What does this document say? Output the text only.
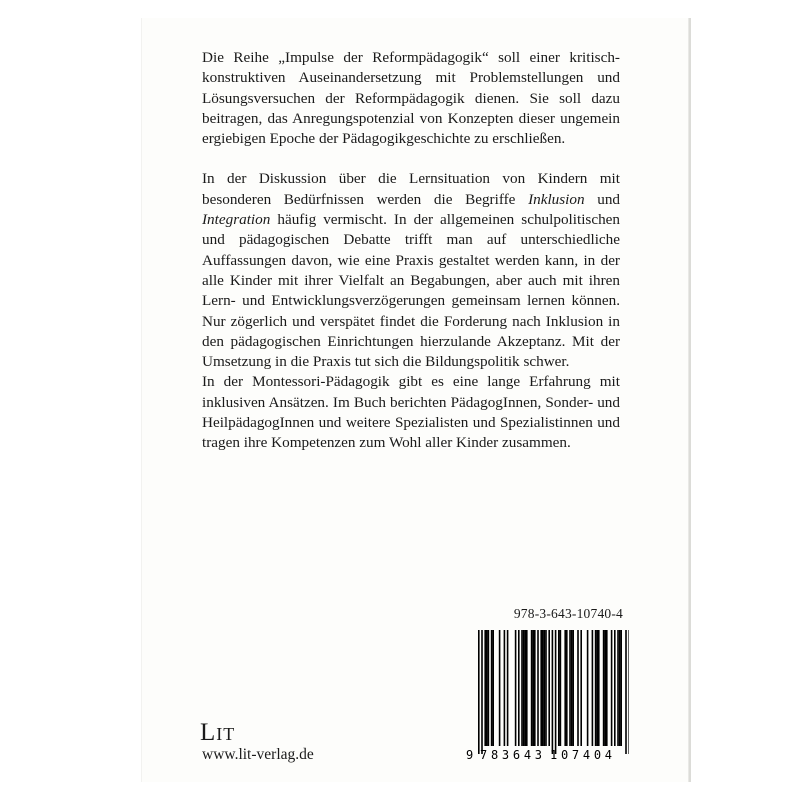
Die Reihe „Impulse der Reformpädagogik“ soll einer kritisch-konstruktiven Auseinandersetzung mit Problemstellungen und Lösungsversuchen der Reformpädagogik dienen. Sie soll dazu beitragen, das Anregungspotenzial von Konzepten dieser ungemein ergiebigen Epoche der Pädagogikgeschichte zu erschließen.

In der Diskussion über die Lernsituation von Kindern mit besonderen Bedürfnissen werden die Begriffe Inklusion und Integration häufig vermischt. In der allgemeinen schulpolitischen und pädagogischen Debatte trifft man auf unterschiedliche Auffassungen davon, wie eine Praxis gestaltet werden kann, in der alle Kinder mit ihrer Vielfalt an Begabungen, aber auch mit ihren Lern- und Entwicklungsverzögerungen gemeinsam lernen können. Nur zögerlich und verspätet findet die Forderung nach Inklusion in den pädagogischen Einrichtungen hierzulande Akzeptanz. Mit der Umsetzung in die Praxis tut sich die Bildungspolitik schwer.

In der Montessori-Pädagogik gibt es eine lange Erfahrung mit inklusiven Ansätzen. Im Buch berichten PädagogInnen, Sonder- und HeilpädagogInnen und weitere Spezialisten und Spezialistinnen und tragen ihre Kompetenzen zum Wohl aller Kinder zusammen.

978-3-643-10740-4
9 783643 107404
Lit
www.lit-verlag.de
